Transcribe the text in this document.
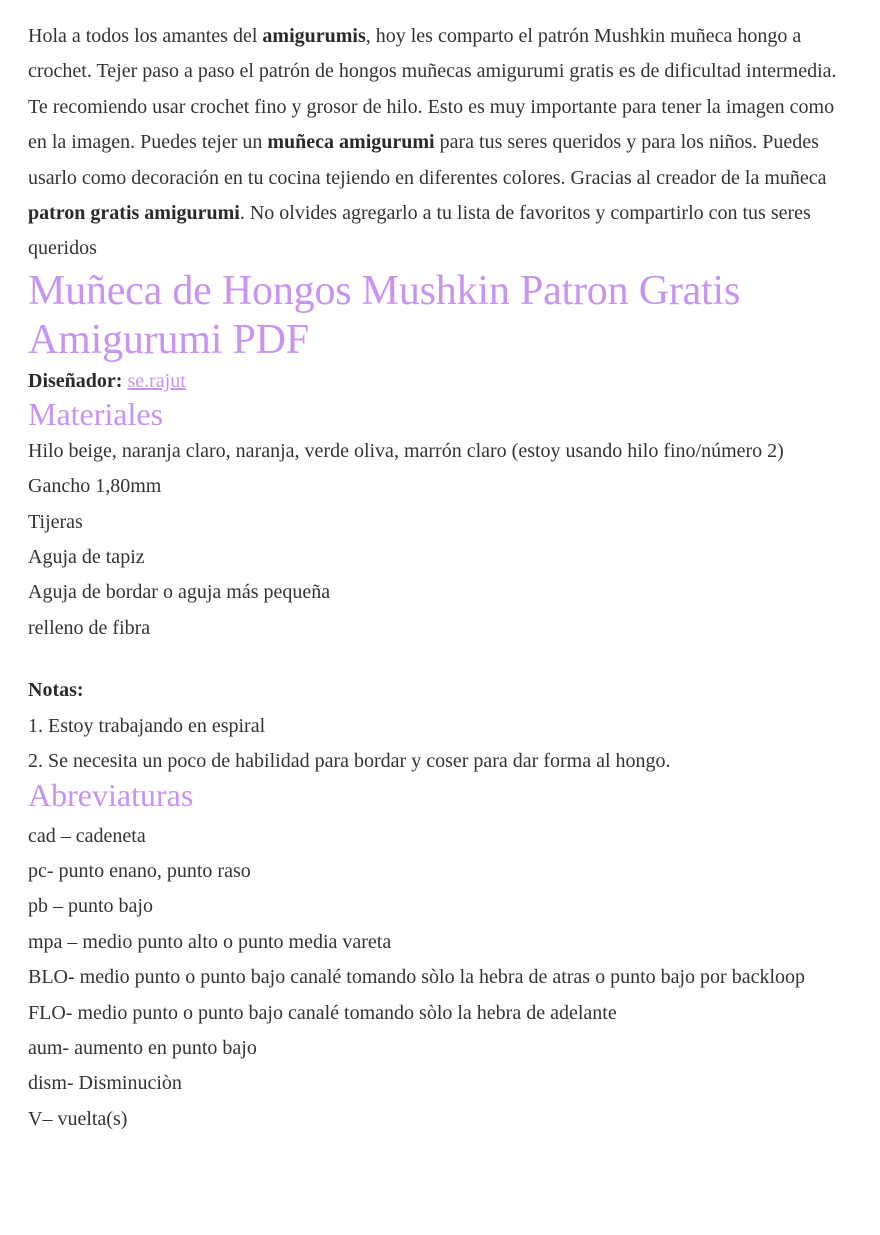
Hola a todos los amantes del amigurumis, hoy les comparto el patrón Mushkin muñeca hongo a crochet. Tejer paso a paso el patrón de hongos muñecas amigurumi gratis es de dificultad intermedia. Te recomiendo usar crochet fino y grosor de hilo. Esto es muy importante para tener la imagen como en la imagen. Puedes tejer un muñeca amigurumi para tus seres queridos y para los niños. Puedes usarlo como decoración en tu cocina tejiendo en diferentes colores. Gracias al creador de la muñeca patron gratis amigurumi. No olvides agregarlo a tu lista de favoritos y compartirlo con tus seres queridos

Muñeca de Hongos Mushkin Patron Gratis Amigurumi PDF

Diseñador: se.rajut

Materiales

Hilo beige, naranja claro, naranja, verde oliva, marrón claro (estoy usando hilo fino/número 2)

Gancho 1,80mm

Tijeras

Aguja de tapiz

Aguja de bordar o aguja más pequeña

relleno de fibra

Notas:

1. Estoy trabajando en espiral

2. Se necesita un poco de habilidad para bordar y coser para dar forma al hongo.

Abreviaturas

cad – cadeneta

pc- punto enano, punto raso

pb – punto bajo

mpa – medio punto alto o punto media vareta

BLO- medio punto o punto bajo canalé tomando sòlo la hebra de atras o punto bajo por backloop

FLO- medio punto o punto bajo canalé tomando sòlo la hebra de adelante

aum- aumento en punto bajo

dism- Disminuciòn

V– vuelta(s)
